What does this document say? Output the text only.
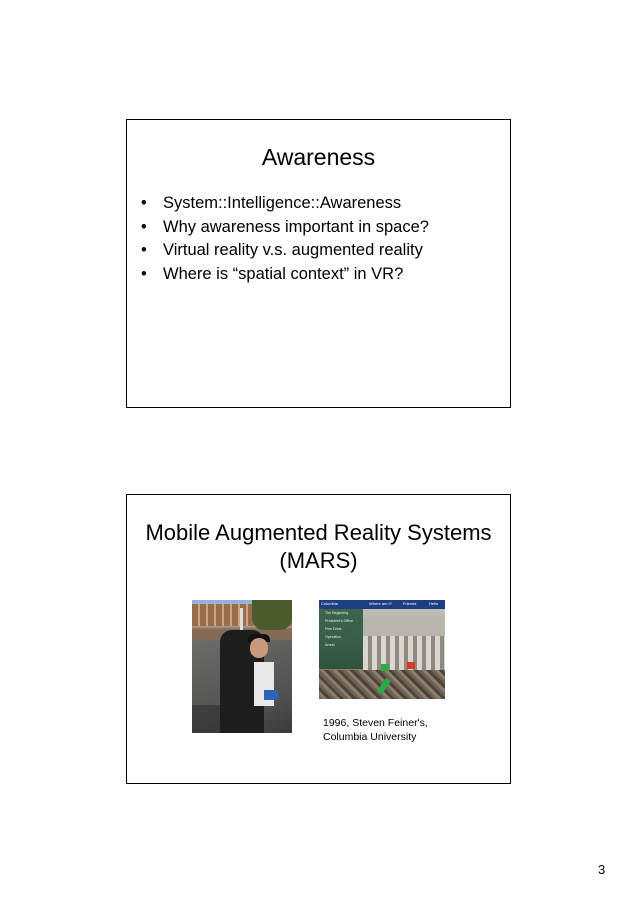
Awareness
• System::Intelligence::Awareness
• Why awareness important in space?
• Virtual reality v.s. augmented reality
• Where is “spatial context” in VR?
Mobile Augmented Reality Systems
(MARS)
Columbia	Where am I?	Friends	Hello
The Beginning
President's Office
Fine Drink
Operation
Arrest
1996, Steven Feiner's,
Columbia University
3
